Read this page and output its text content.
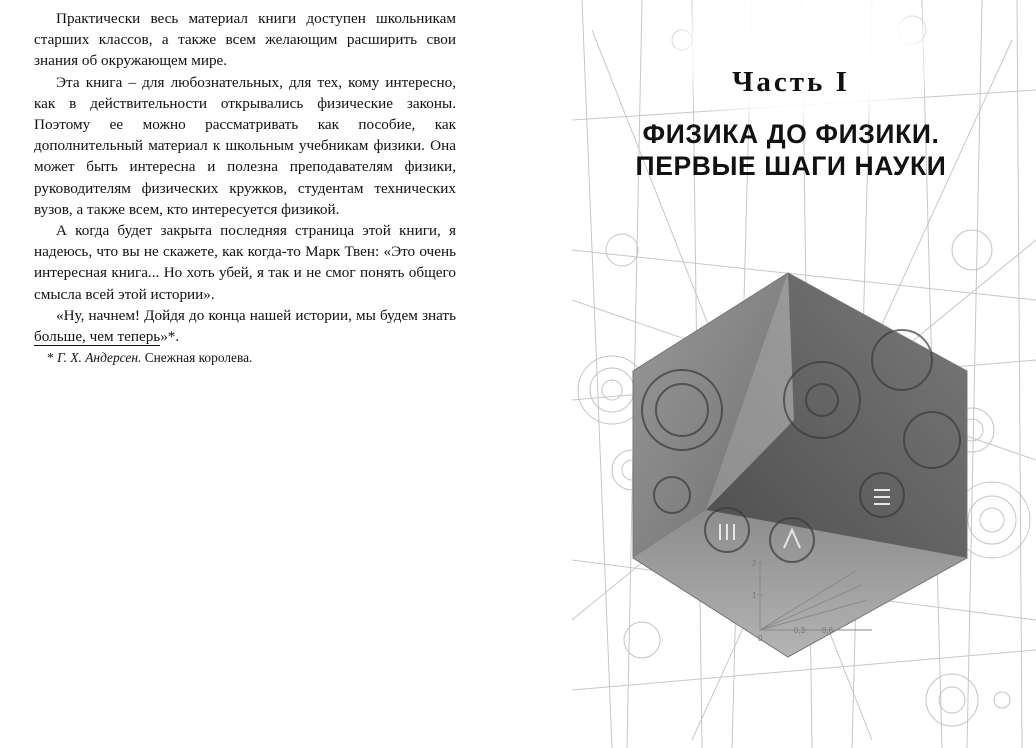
Практически весь материал книги доступен школьникам старших классов, а также всем желающим расширить свои знания об окружающем мире.

Эта книга – для любознательных, для тех, кому интересно, как в действительности открывались физические законы. Поэтому ее можно рассматривать как пособие, как дополнительный материал к школьным учебникам физики. Она может быть интересна и полезна преподавателям физики, руководителям физических кружков, студентам технических вузов, а также всем, кто интересуется физикой.

А когда будет закрыта последняя страница этой книги, я надеюсь, что вы не скажете, как когда-то Марк Твен: «Это очень интересная книга... Но хоть убей, я так и не смог понять общего смысла всей этой истории».

«Ну, начнем! Дойдя до конца нашей истории, мы будем знать больше, чем теперь»*.

* Г. Х. Андерсен. Снежная королева.
2
1
0
0,3 0,6
Часть I
ФИЗИКА ДО ФИЗИКИ.
ПЕРВЫЕ ШАГИ НАУКИ
